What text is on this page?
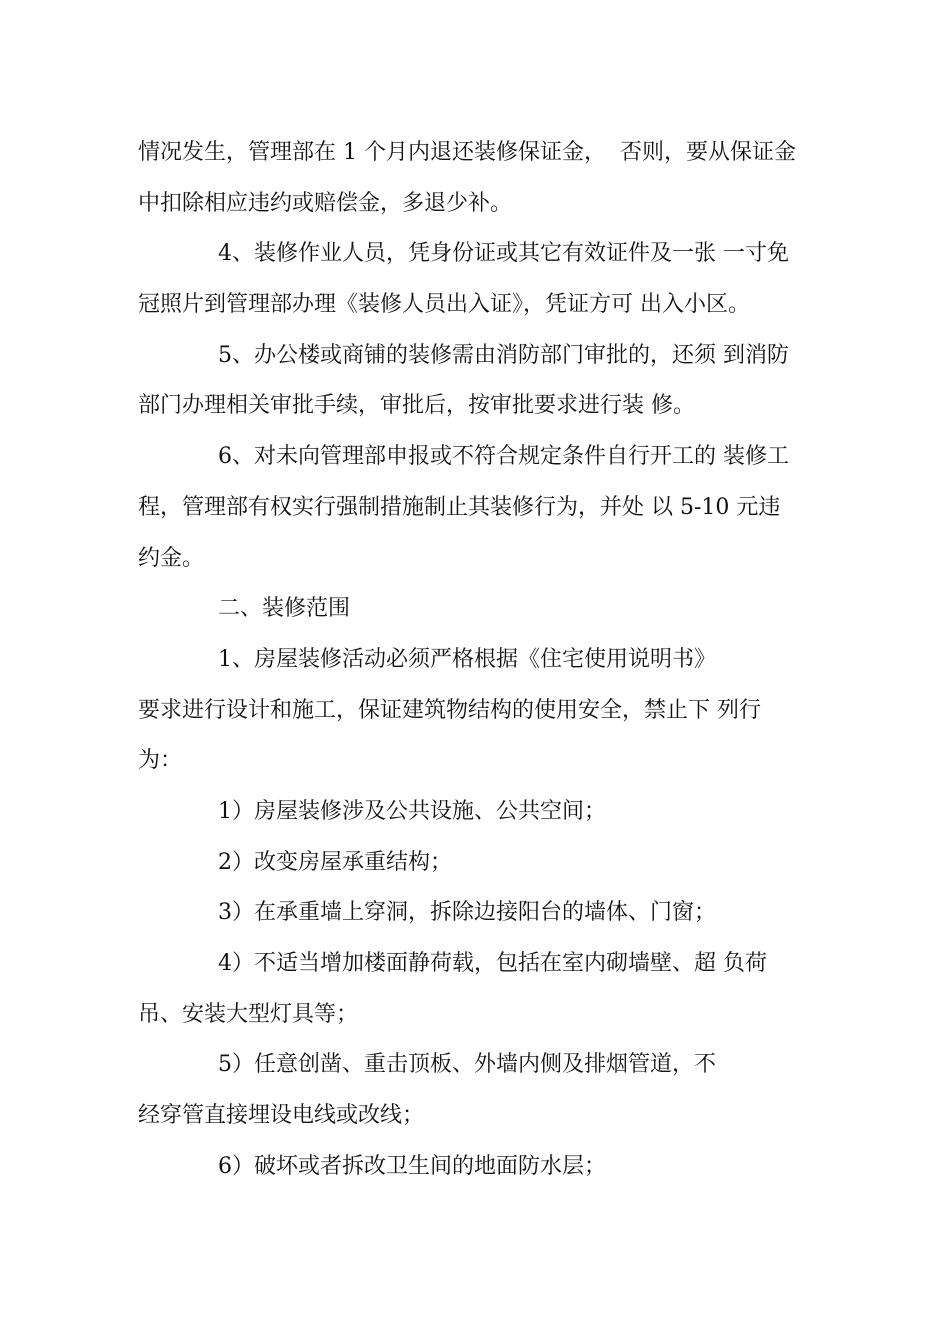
情况发生，管理部在 1 个月内退还装修保证金，  否则，要从保证金
中扣除相应违约或赔偿金，多退少补。
4、装修作业人员，凭身份证或其它有效证件及一张 一寸免
冠照片到管理部办理《装修人员出入证》，凭证方可 出入小区。
5、办公楼或商铺的装修需由消防部门审批的，还须 到消防
部门办理相关审批手续，审批后，按审批要求进行装 修。
6、对未向管理部申报或不符合规定条件自行开工的 装修工
程，管理部有权实行强制措施制止其装修行为，并处 以 5-10 元违
约金。
二、装修范围
1、房屋装修活动必须严格根据《住宅使用说明书》
要求进行设计和施工，保证建筑物结构的使用安全，禁止下 列行
为：
1）房屋装修涉及公共设施、公共空间；
2）改变房屋承重结构；
3）在承重墙上穿洞，拆除边接阳台的墙体、门窗；
4）不适当增加楼面静荷载，包括在室内砌墙壁、超 负荷
吊、安装大型灯具等；
5）任意创凿、重击顶板、外墙内侧及排烟管道，不
经穿管直接埋设电线或改线；
6）破坏或者拆改卫生间的地面防水层；
